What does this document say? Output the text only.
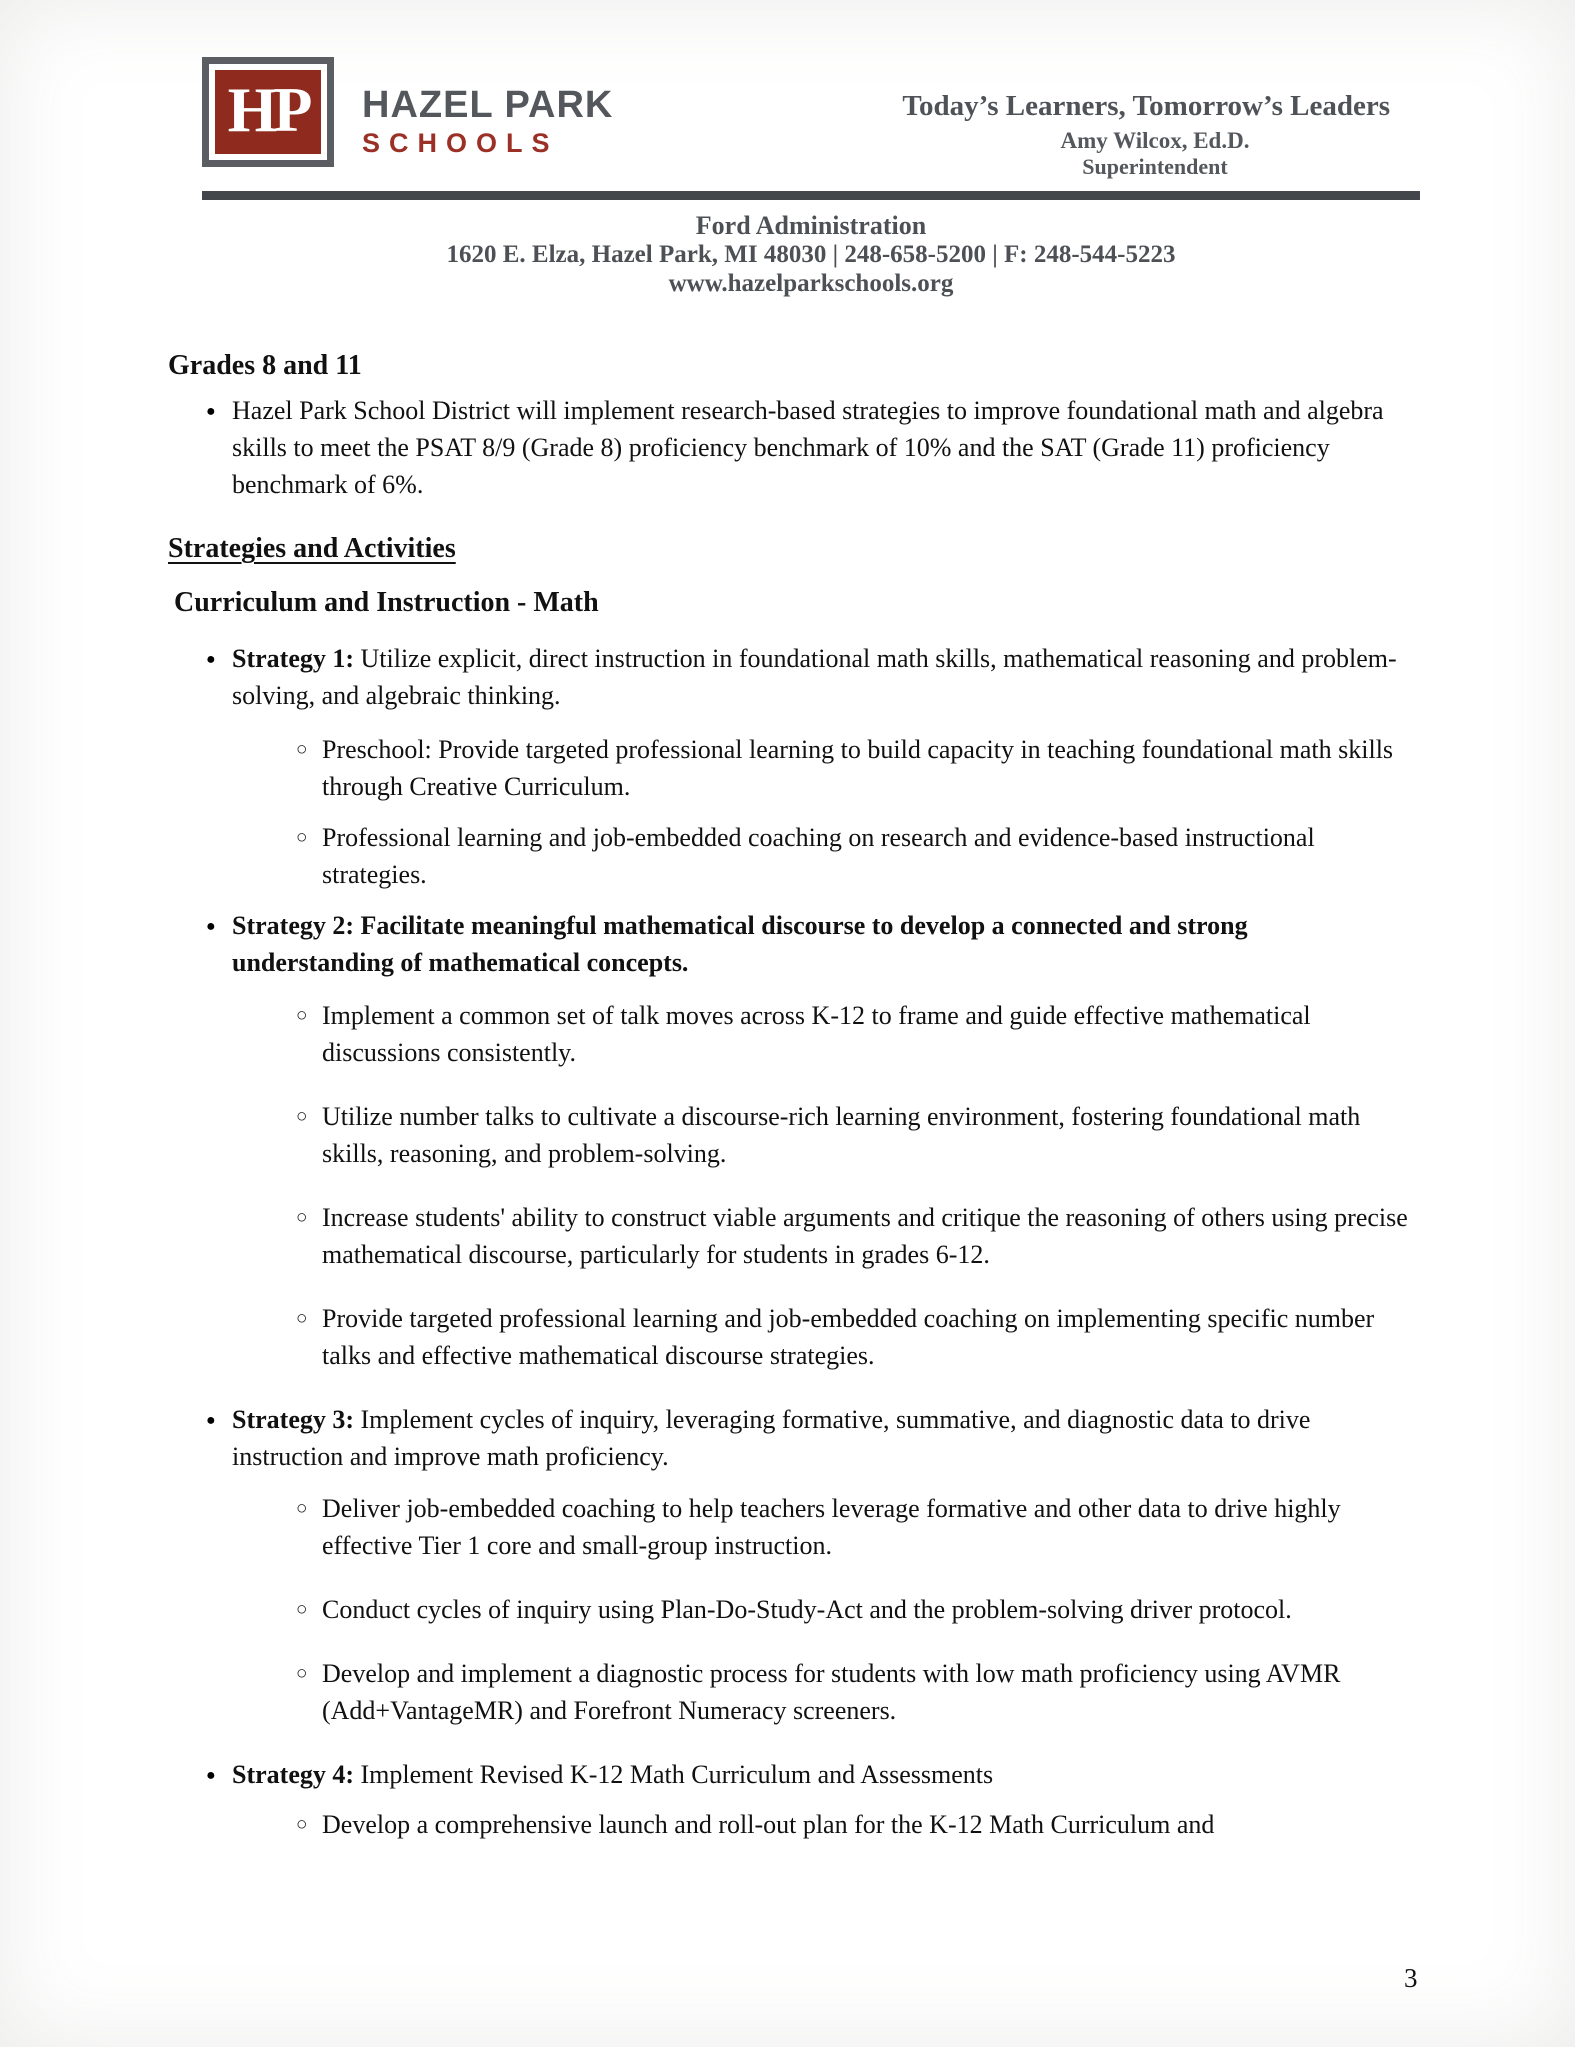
HP HAZEL PARK
SCHOOLS
Today’s Learners, Tomorrow’s Leaders
Amy Wilcox, Ed.D.
Superintendent
Ford Administration
1620 E. Elza, Hazel Park, MI 48030 | 248-658-5200 | F: 248-544-5223
www.hazelparkschools.org
Grades 8 and 11
● Hazel Park School District will implement research-based strategies to improve foundational math and algebra skills to meet the PSAT 8/9 (Grade 8) proficiency benchmark of 10% and the SAT (Grade 11) proficiency benchmark of 6%.
Strategies and Activities
Curriculum and Instruction - Math
● Strategy 1: Utilize explicit, direct instruction in foundational math skills, mathematical reasoning and problem-solving, and algebraic thinking.
○ Preschool: Provide targeted professional learning to build capacity in teaching foundational math skills through Creative Curriculum.
○ Professional learning and job-embedded coaching on research and evidence-based instructional strategies.
● Strategy 2: Facilitate meaningful mathematical discourse to develop a connected and strong understanding of mathematical concepts.
○ Implement a common set of talk moves across K-12 to frame and guide effective mathematical discussions consistently.
○ Utilize number talks to cultivate a discourse-rich learning environment, fostering foundational math skills, reasoning, and problem-solving.
○ Increase students' ability to construct viable arguments and critique the reasoning of others using precise mathematical discourse, particularly for students in grades 6-12.
○ Provide targeted professional learning and job-embedded coaching on implementing specific number talks and effective mathematical discourse strategies.
● Strategy 3: Implement cycles of inquiry, leveraging formative, summative, and diagnostic data to drive instruction and improve math proficiency.
○ Deliver job-embedded coaching to help teachers leverage formative and other data to drive highly effective Tier 1 core and small-group instruction.
○ Conduct cycles of inquiry using Plan-Do-Study-Act and the problem-solving driver protocol.
○ Develop and implement a diagnostic process for students with low math proficiency using AVMR (Add+VantageMR) and Forefront Numeracy screeners.
● Strategy 4: Implement Revised K-12 Math Curriculum and Assessments
○ Develop a comprehensive launch and roll-out plan for the K-12 Math Curriculum and
3
